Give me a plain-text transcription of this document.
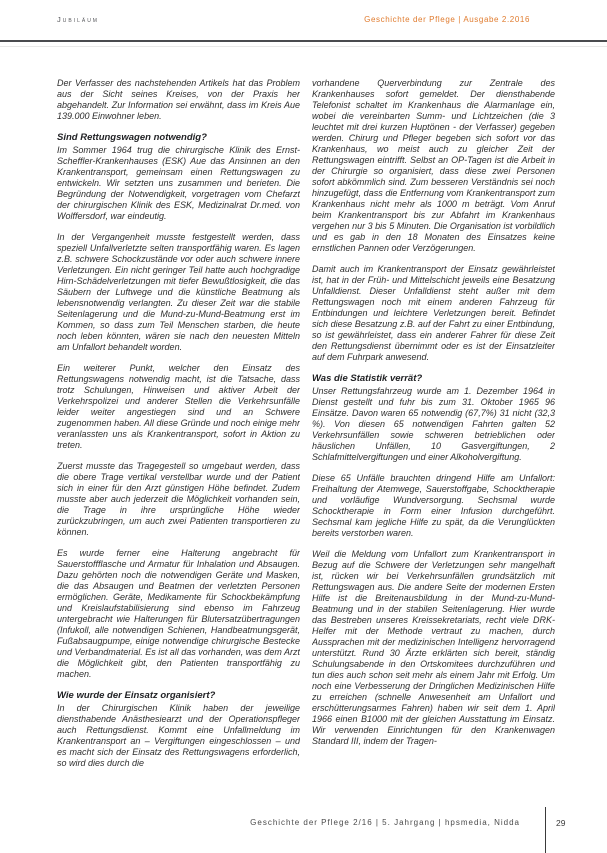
Jubiläum	Geschichte der Pflege | Ausgabe 2.2016

Der Verfasser des nachstehenden Artikels hat das Problem aus der Sicht seines Kreises, von der Praxis her abgehandelt. Zur Information sei erwähnt, dass im Kreis Aue 139.000 Einwohner leben.

Sind Rettungswagen notwendig?

Im Sommer 1964 trug die chirurgische Klinik des Ernst-Scheffler-Krankenhauses (ESK) Aue das Ansinnen an den Krankentransport, gemeinsam einen Rettungswagen zu entwickeln. Wir setzten uns zusammen und berieten. Die Begründung der Notwendigkeit, vorgetragen vom Chefarzt der chirurgischen Klinik des ESK, Medizinalrat Dr.med. von Wolffersdorf, war eindeutig.

In der Vergangenheit musste festgestellt werden, dass speziell Unfallverletzte selten transportfähig waren. Es lagen z.B. schwere Schockzustände vor oder auch schwere innere Verletzungen. Ein nicht geringer Teil hatte auch hochgradige Hirn-Schädelverletzungen mit tiefer Bewußtlosigkeit, die das Säubern der Luftwege und die künstliche Beatmung als lebensnotwendig verlangten. Zu dieser Zeit war die stabile Seitenlagerung und die Mund-zu-Mund-Beatmung erst im Kommen, so dass zum Teil Menschen starben, die heute noch leben könnten, wären sie nach den neuesten Mitteln am Unfallort behandelt worden.

Ein weiterer Punkt, welcher den Einsatz des Rettungswagens notwendig macht, ist die Tatsache, dass trotz Schulungen, Hinweisen und aktiver Arbeit der Verkehrspolizei und anderer Stellen die Verkehrsunfälle leider weiter angestiegen sind und an Schwere zugenommen haben. All diese Gründe und noch einige mehr veranlassten uns als Krankentransport, sofort in Aktion zu treten.

Zuerst musste das Tragegestell so umgebaut werden, dass die obere Trage vertikal verstellbar wurde und der Patient sich in einer für den Arzt günstigen Höhe befindet. Zudem musste aber auch jederzeit die Möglichkeit vorhanden sein, die Trage in ihre ursprüngliche Höhe wieder zurückzubringen, um auch zwei Patienten transportieren zu können.

Es wurde ferner eine Halterung angebracht für Sauerstoffflasche und Armatur für Inhalation und Absaugen. Dazu gehörten noch die notwendigen Geräte und Masken, die das Absaugen und Beatmen der verletzten Personen ermöglichen. Geräte, Medikamente für Schockbekämpfung und Kreislaufstabilisierung sind ebenso im Fahrzeug untergebracht wie Halterungen für Blutersatzübertragungen (Infukoll, alle notwendigen Schienen, Handbeatmungsgerät, Fußabsaugpumpe, einige notwendige chirurgische Bestecke und Verbandmaterial. Es ist all das vorhanden, was dem Arzt die Möglichkeit gibt, den Patienten transportfähig zu machen.

Wie wurde der Einsatz organisiert?

In der Chirurgischen Klinik haben der jeweilige diensthabende Anästhesiearzt und der Operationspfleger auch Rettungsdienst. Kommt eine Unfallmeldung im Krankentransport an – Vergiftungen eingeschlossen – und es macht sich der Einsatz des Rettungswagens erforderlich, so wird dies durch die

vorhandene Querverbindung zur Zentrale des Krankenhauses sofort gemeldet. Der diensthabende Telefonist schaltet im Krankenhaus die Alarmanlage ein, wobei die vereinbarten Summ- und Lichtzeichen (die 3 leuchtet mit drei kurzen Huptönen - der Verfasser) gegeben werden. Chirurg und Pfleger begeben sich sofort vor das Krankenhaus, wo meist auch zu gleicher Zeit der Rettungswagen eintrifft. Selbst an OP-Tagen ist die Arbeit in der Chirurgie so organisiert, dass diese zwei Personen sofort abkömmlich sind. Zum besseren Verständnis sei noch hinzugefügt, dass die Entfernung vom Krankentransport zum Krankenhaus nicht mehr als 1000 m beträgt. Vom Anruf beim Krankentransport bis zur Abfahrt im Krankenhaus vergehen nur 3 bis 5 Minuten. Die Organisation ist vorbildlich und es gab in den 18 Monaten des Einsatzes keine ernstlichen Pannen oder Verzögerungen.

Damit auch im Krankentransport der Einsatz gewährleistet ist, hat in der Früh- und Mittelschicht jeweils eine Besatzung Unfalldienst. Dieser Unfalldienst steht außer mit dem Rettungswagen noch mit einem anderen Fahrzeug für Entbindungen und leichtere Verletzungen bereit. Befindet sich diese Besatzung z.B. auf der Fahrt zu einer Entbindung, so ist gewährleistet, dass ein anderer Fahrer für diese Zeit den Rettungsdienst übernimmt oder es ist der Einsatzleiter auf dem Fuhrpark anwesend.

Was die Statistik verrät?

Unser Rettungsfahrzeug wurde am 1. Dezember 1964 in Dienst gestellt und fuhr bis zum 31. Oktober 1965 96 Einsätze. Davon waren 65 notwendig (67,7%) 31 nicht (32,3 %). Von diesen 65 notwendigen Fahrten galten 52 Verkehrsunfällen sowie schweren betrieblichen oder häuslichen Unfällen, 10 Gasvergiftungen, 2 Schlafmittelvergiftungen und einer Alkoholvergiftung.

Diese 65 Unfälle brauchten dringend Hilfe am Unfallort: Freihaltung der Atemwege, Sauerstoffgabe, Schocktherapie und vorläufige Wundversorgung. Sechsmal wurde Schocktherapie in Form einer Infusion durchgeführt. Sechsmal kam jegliche Hilfe zu spät, da die Verunglückten bereits verstorben waren.

Weil die Meldung vom Unfallort zum Krankentransport in Bezug auf die Schwere der Verletzungen sehr mangelhaft ist, rücken wir bei Verkehrsunfällen grundsätzlich mit Rettungswagen aus. Die andere Seite der modernen Ersten Hilfe ist die Breitenausbildung in der Mund-zu-Mund-Beatmung und in der stabilen Seitenlagerung. Hier wurde das Bestreben unseres Kreissekretariats, recht viele DRK-Helfer mit der Methode vertraut zu machen, durch Aussprachen mit der medizinischen Intelligenz hervorragend unterstützt. Rund 30 Ärzte erklärten sich bereit, ständig Schulungsabende in den Ortskomitees durchzuführen und tun dies auch schon seit mehr als einem Jahr mit Erfolg. Um noch eine Verbesserung der Dringlichen Medizinischen Hilfe zu erreichen (schnelle Anwesenheit am Unfallort und erschütterungsarmes Fahren) haben wir seit dem 1. April 1966 einen B1000 mit der gleichen Ausstattung im Einsatz. Wir verwenden Einrichtungen für den Krankenwagen Standard III, indem der Tragen-

Geschichte der Pflege 2/16 | 5. Jahrgang | hpsmedia, Nidda	29
